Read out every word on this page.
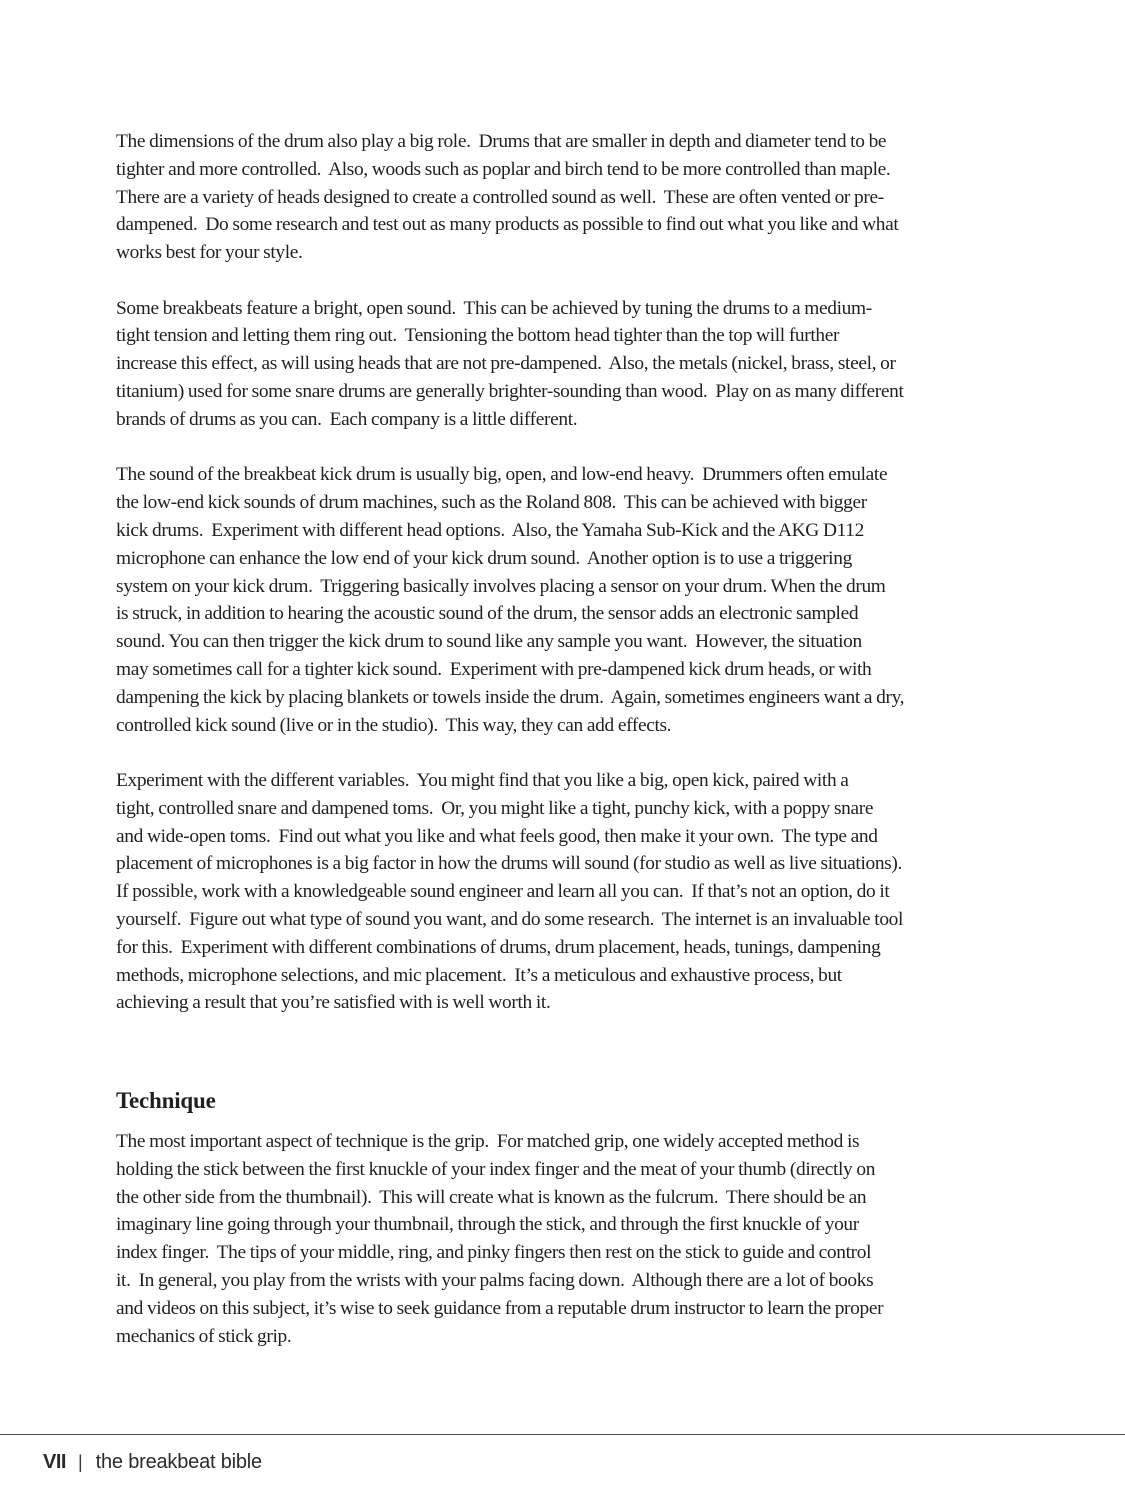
The dimensions of the drum also play a big role.  Drums that are smaller in depth and diameter tend to be
tighter and more controlled.  Also, woods such as poplar and birch tend to be more controlled than maple.
There are a variety of heads designed to create a controlled sound as well.  These are often vented or pre-
dampened.  Do some research and test out as many products as possible to find out what you like and what
works best for your style.
Some breakbeats feature a bright, open sound.  This can be achieved by tuning the drums to a medium-
tight tension and letting them ring out.  Tensioning the bottom head tighter than the top will further
increase this effect, as will using heads that are not pre-dampened.  Also, the metals (nickel, brass, steel, or
titanium) used for some snare drums are generally brighter-sounding than wood.  Play on as many different
brands of drums as you can.  Each company is a little different.
The sound of the breakbeat kick drum is usually big, open, and low-end heavy.  Drummers often emulate
the low-end kick sounds of drum machines, such as the Roland 808.  This can be achieved with bigger
kick drums.  Experiment with different head options.  Also, the Yamaha Sub-Kick and the AKG D112
microphone can enhance the low end of your kick drum sound.  Another option is to use a triggering
system on your kick drum.  Triggering basically involves placing a sensor on your drum. When the drum
is struck, in addition to hearing the acoustic sound of the drum, the sensor adds an electronic sampled
sound. You can then trigger the kick drum to sound like any sample you want.  However, the situation
may sometimes call for a tighter kick sound.  Experiment with pre-dampened kick drum heads, or with
dampening the kick by placing blankets or towels inside the drum.  Again, sometimes engineers want a dry,
controlled kick sound (live or in the studio).  This way, they can add effects.
Experiment with the different variables.  You might find that you like a big, open kick, paired with a
tight, controlled snare and dampened toms.  Or, you might like a tight, punchy kick, with a poppy snare
and wide-open toms.  Find out what you like and what feels good, then make it your own.  The type and
placement of microphones is a big factor in how the drums will sound (for studio as well as live situations).
If possible, work with a knowledgeable sound engineer and learn all you can.  If that’s not an option, do it
yourself.  Figure out what type of sound you want, and do some research.  The internet is an invaluable tool
for this.  Experiment with different combinations of drums, drum placement, heads, tunings, dampening
methods, microphone selections, and mic placement.  It’s a meticulous and exhaustive process, but
achieving a result that you’re satisfied with is well worth it.
Technique
The most important aspect of technique is the grip.  For matched grip, one widely accepted method is
holding the stick between the first knuckle of your index finger and the meat of your thumb (directly on
the other side from the thumbnail).  This will create what is known as the fulcrum.  There should be an
imaginary line going through your thumbnail, through the stick, and through the first knuckle of your
index finger.  The tips of your middle, ring, and pinky fingers then rest on the stick to guide and control
it.  In general, you play from the wrists with your palms facing down.  Although there are a lot of books
and videos on this subject, it’s wise to seek guidance from a reputable drum instructor to learn the proper
mechanics of stick grip.
VII | the breakbeat bible
